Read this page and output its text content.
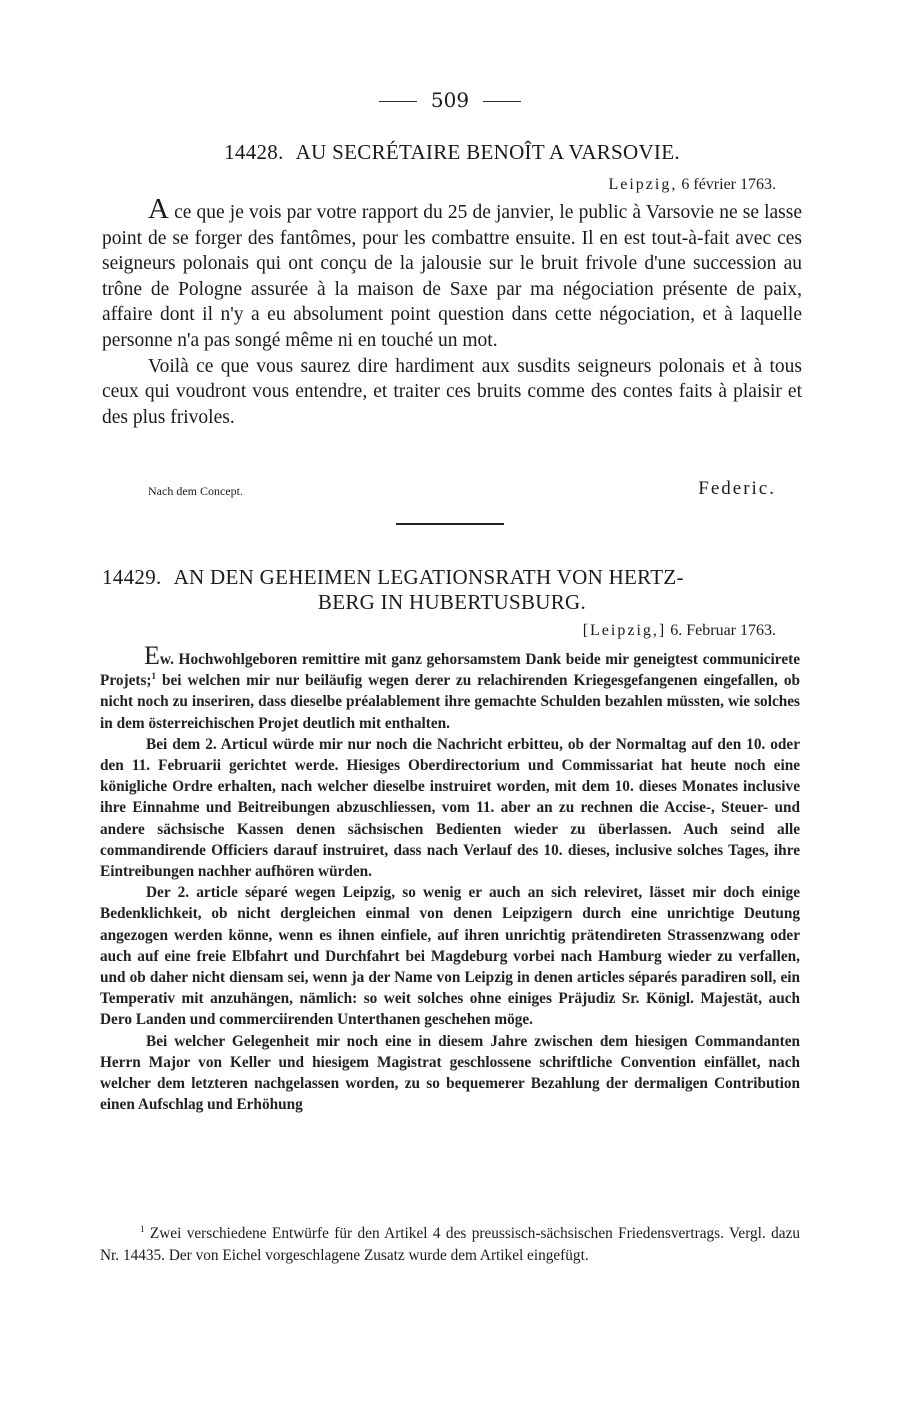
509
14428. AU SECRÉTAIRE BENOÎT A VARSOVIE.
Leipzig, 6 février 1763.

A ce que je vois par votre rapport du 25 de janvier, le public à Varsovie ne se lasse point de se forger des fantômes, pour les combattre ensuite. Il en est tout-à-fait avec ces seigneurs polonais qui ont conçu de la jalousie sur le bruit frivole d'une succession au trône de Pologne assurée à la maison de Saxe par ma négociation présente de paix, affaire dont il n'y a eu absolument point question dans cette négociation, et à laquelle personne n'a pas songé même ni en touché un mot.

Voilà ce que vous saurez dire hardiment aux susdits seigneurs polonais et à tous ceux qui voudront vous entendre, et traiter ces bruits comme des contes faits à plaisir et des plus frivoles.

Nach dem Concept.	Federic.
14429. AN DEN GEHEIMEN LEGATIONSRATH VON HERTZ-
BERG IN HUBERTUSBURG.
[Leipzig,] 6. Februar 1763.

Ew. Hochwohlgeboren remittire mit ganz gehorsamstem Dank beide mir geneigtest communicirete Projets;$^1$ bei welchen mir nur beiläufig wegen derer zu relachirenden Kriegesgefangenen eingefallen, ob nicht noch zu inseriren, dass dieselbe préalablement ihre gemachte Schulden bezahlen müssten, wie solches in dem österreichischen Projet deutlich mit enthalten.

Bei dem 2. Articul würde mir nur noch die Nachricht erbitteu, ob der Normaltag auf den 10. oder den 11. Februarii gerichtet werde. Hiesiges Oberdirectorium und Commissariat hat heute noch eine königliche Ordre erhalten, nach welcher dieselbe instruiret worden, mit dem 10. dieses Monates inclusive ihre Einnahme und Beitreibungen abzuschliessen, vom 11. aber an zu rechnen die Accise-, Steuer- und andere sächsische Kassen denen sächsischen Bedienten wieder zu überlassen. Auch seind alle commandirende Officiers darauf instruiret, dass nach Verlauf des 10. dieses, inclusive solches Tages, ihre Eintreibungen nachher aufhören würden.

Der 2. article séparé wegen Leipzig, so wenig er auch an sich releviret, lässet mir doch einige Bedenklichkeit, ob nicht dergleichen einmal von denen Leipzigern durch eine unrichtige Deutung angezogen werden könne, wenn es ihnen einfiele, auf ihren unrichtig prätendireten Strassenzwang oder auch auf eine freie Elbfahrt und Durchfahrt bei Magdeburg vorbei nach Hamburg wieder zu verfallen, und ob daher nicht diensam sei, wenn ja der Name von Leipzig in denen articles séparés paradiren soll, ein Temperativ mit anzuhängen, nämlich: so weit solches ohne einiges Präjudiz Sr. Königl. Majestät, auch Dero Landen und commerciirenden Unterthanen geschehen möge.

Bei welcher Gelegenheit mir noch eine in diesem Jahre zwischen dem hiesigen Commandanten Herrn Major von Keller und hiesigem Magistrat geschlossene schriftliche Convention einfället, nach welcher dem letzteren nachgelassen worden, zu so bequemerer Bezahlung der dermaligen Contribution einen Aufschlag und Erhöhung

$^1$ Zwei verschiedene Entwürfe für den Artikel 4 des preussisch-sächsischen Friedensvertrags. Vergl. dazu Nr. 14435. Der von Eichel vorgeschlagene Zusatz wurde dem Artikel eingefügt.
